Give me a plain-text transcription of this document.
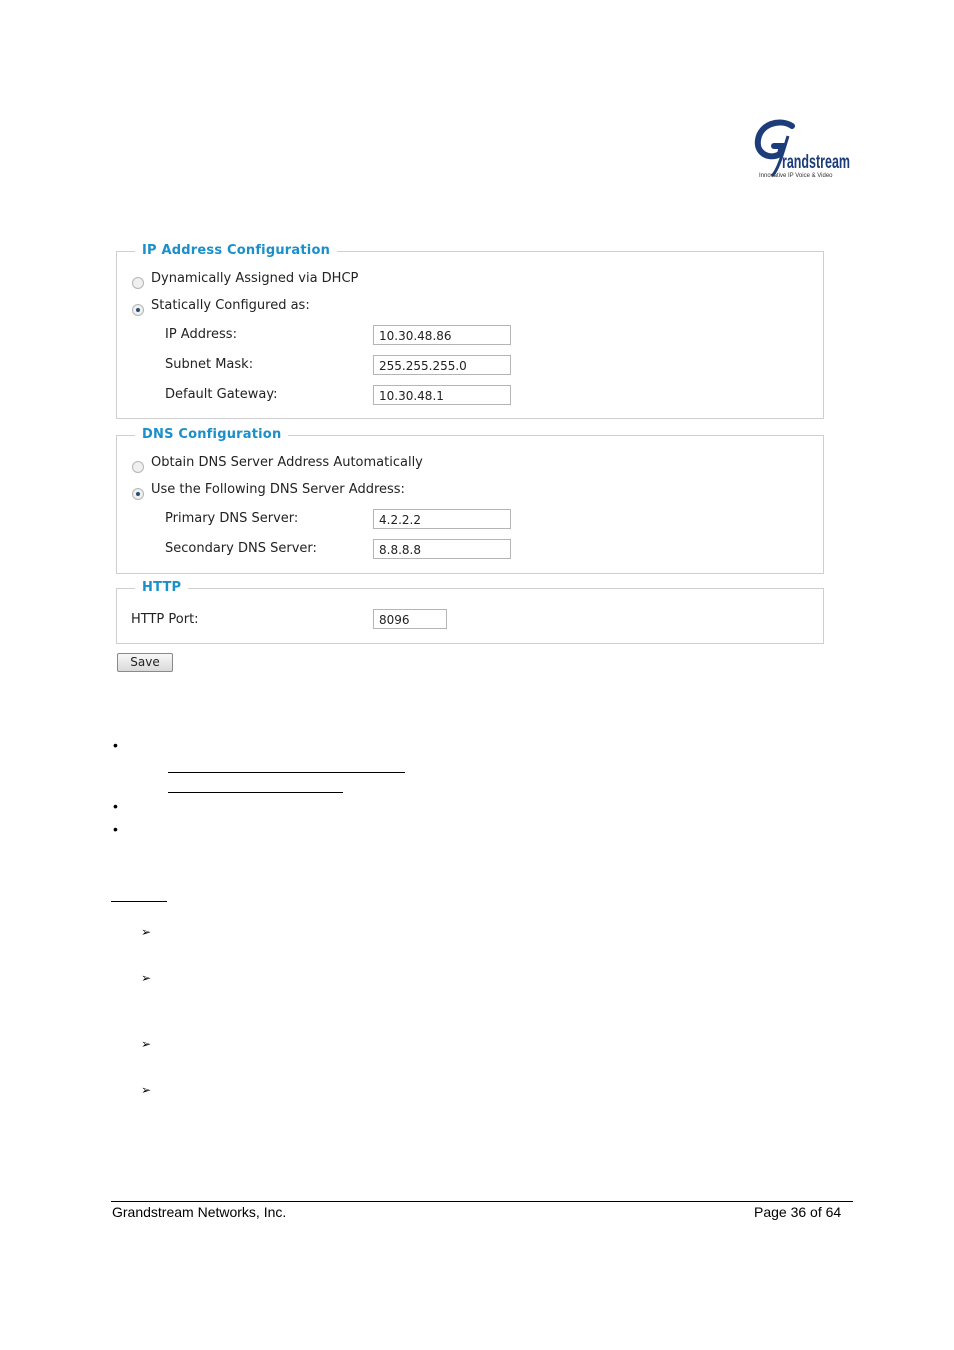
randstream
Innovative IP Voice & Video
IP Address Configuration
Dynamically Assigned via DHCP
Statically Configured as:
IP Address:	10.30.48.86
Subnet Mask:	255.255.255.0
Default Gateway:	10.30.48.1
DNS Configuration
Obtain DNS Server Address Automatically
Use the Following DNS Server Address:
Primary DNS Server:	4.2.2.2
Secondary DNS Server:	8.8.8.8
HTTP
HTTP Port:	8096
Save
•
•
•
➢
➢
➢
➢
Grandstream Networks, Inc.	Page 36 of 64
